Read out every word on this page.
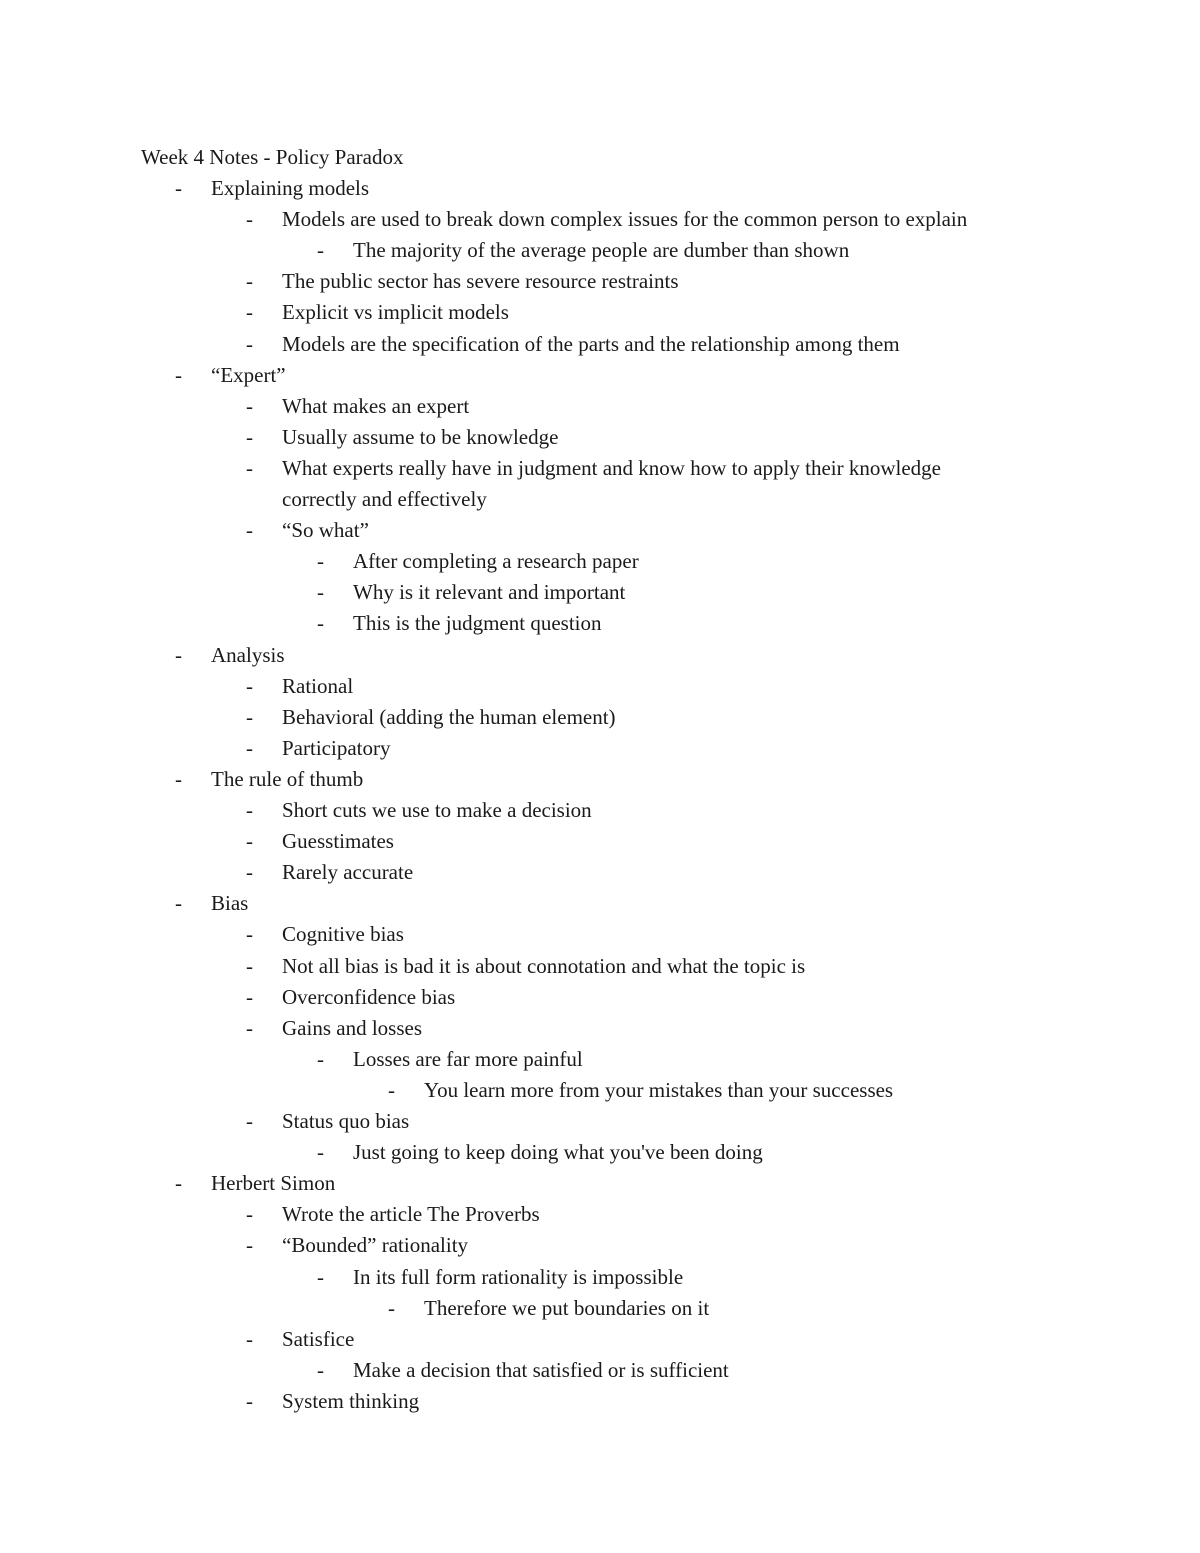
Week 4 Notes - Policy Paradox
-	Explaining models
-	Models are used to break down complex issues for the common person to explain
-	The majority of the average people are dumber than shown
-	The public sector has severe resource restraints
-	Explicit vs implicit models
-	Models are the specification of the parts and the relationship among them
-	“Expert”
-	What makes an expert
-	Usually assume to be knowledge
-	What experts really have in judgment and know how to apply their knowledge
correctly and effectively
-	“So what”
-	After completing a research paper
-	Why is it relevant and important
-	This is the judgment question
-	Analysis
-	Rational
-	Behavioral (adding the human element)
-	Participatory
-	The rule of thumb
-	Short cuts we use to make a decision
-	Guesstimates
-	Rarely accurate
-	Bias
-	Cognitive bias
-	Not all bias is bad it is about connotation and what the topic is
-	Overconfidence bias
-	Gains and losses
-	Losses are far more painful
-	You learn more from your mistakes than your successes
-	Status quo bias
-	Just going to keep doing what you've been doing
-	Herbert Simon
-	Wrote the article The Proverbs
-	“Bounded” rationality
-	In its full form rationality is impossible
-	Therefore we put boundaries on it
-	Satisfice
-	Make a decision that satisfied or is sufficient
-	System thinking
